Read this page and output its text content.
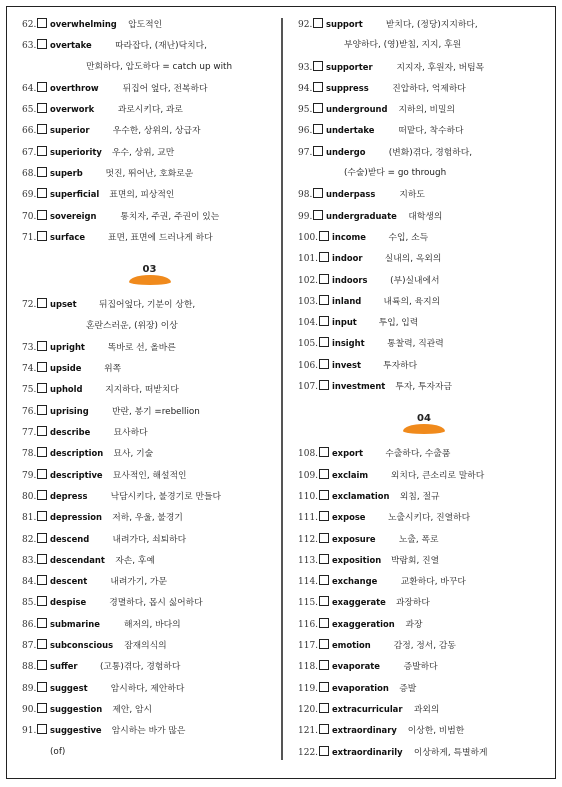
62. overwhelming 압도적인
63. overtake	따라잡다, (재난)닥치다,
만회하다, 압도하다 = catch up with
64. overthrow	뒤집어 엎다, 전복하다
65. overwork	과로시키다, 과로
66. superior	우수한, 상위의, 상급자
67. superiority 우수, 상위, 교만
68. superb	멋진, 뛰어난, 호화로운
69. superficial 표면의, 피상적인
70. sovereign	통치자, 주권, 주권이 있는
71. surface	표면, 표면에 드러나게 하다
03
72. upset	뒤집어엎다, 기분이 상한,
혼란스러운, (위장) 이상
73. upright	똑바로 선, 올바른
74. upside	위쪽
75. uphold	지지하다, 떠받치다
76. uprising	반란, 봉기 =rebellion
77. describe	묘사하다
78. description 묘사, 기술
79. descriptive 묘사적인, 해설적인
80. depress	낙담시키다, 불경기로 만들다
81. depression 저하, 우울, 불경기
82. descend	내려가다, 쇠퇴하다
83. descendant 자손, 후예
84. descent	내려가기, 가문
85. despise	경멸하다, 몹시 싫어하다
86. submarine	해저의, 바다의
87. subconscious 잠재의식의
88. suffer	(고통)겪다, 경험하다
89. suggest	암시하다, 제안하다
90. suggestion 제안, 암시
91. suggestive 암시하는 바가 많은
(of)
92. support	받치다, (정당)지지하다,
부양하다, (영)받침, 지지, 후원
93. supporter	지지자, 후원자, 버팀목
94. suppress	진압하다, 억제하다
95. underground 지하의, 비밀의
96. undertake	떠맡다, 착수하다
97. undergo	(변화)겪다, 경험하다,
(수술)받다 = go through
98. underpass	지하도
99. undergraduate 대학생의
100. income	수입, 소득
101. indoor	실내의, 옥외의
102. indoors	(부)실내에서
103. inland	내륙의, 육지의
104. input 투입, 입력
105. insight	통찰력, 직관력
106. invest	투자하다
107. investment 투자, 투자자금
04
108. export	수출하다, 수출품
109. exclaim	외치다, 큰소리로 말하다
110. exclamation 외침, 절규
111. expose	노출시키다, 진열하다
112. exposure	노출, 폭로
113. exposition 박람회, 진열
114. exchange	교환하다, 바꾸다
115. exaggerate 과장하다
116. exaggeration 과장
117. emotion	감정, 정서, 감동
118. evaporate	증발하다
119. evaporation 증발
120. extracurricular 과외의
121. extraordinary 이상한, 비범한
122. extraordinarily 이상하게, 특별하게
